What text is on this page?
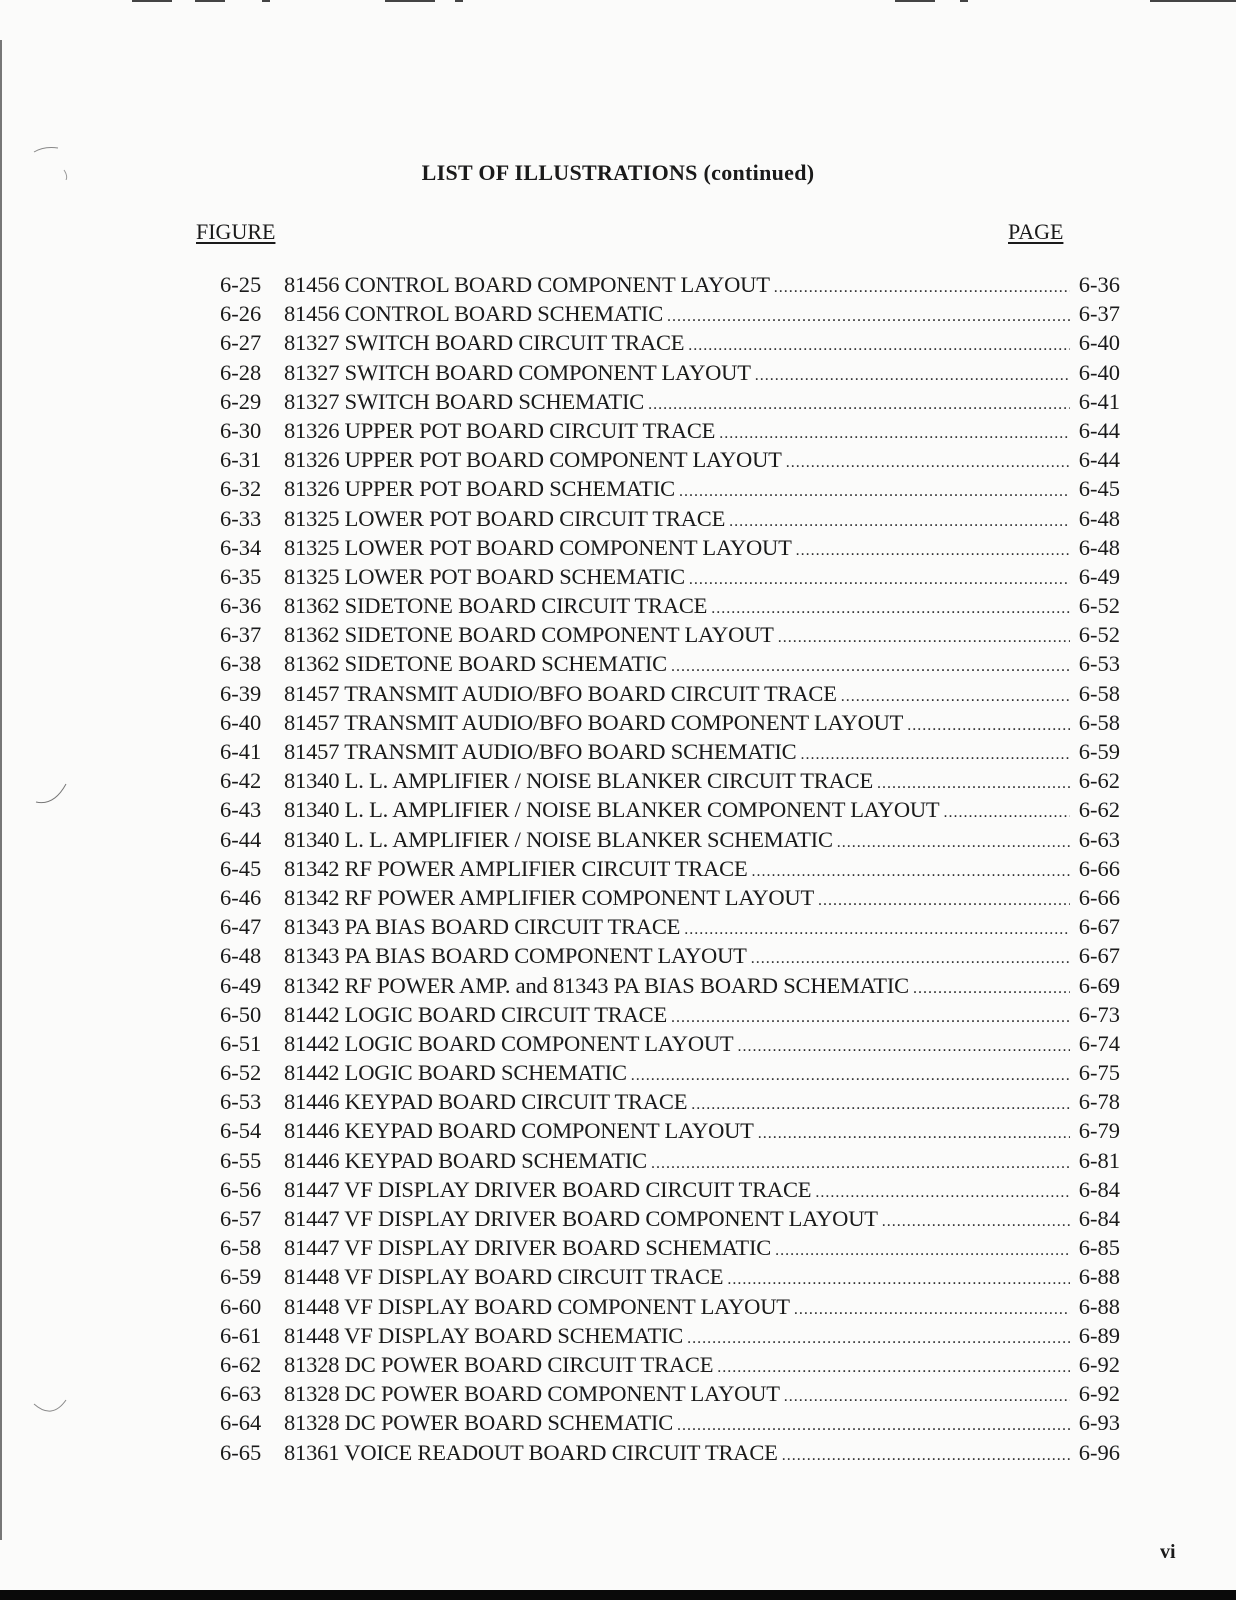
LIST OF ILLUSTRATIONS (continued)
FIGURE	PAGE
6-25	81456 CONTROL BOARD COMPONENT LAYOUT .....	6-36
6-26	81456 CONTROL BOARD SCHEMATIC .....	6-37
6-27	81327 SWITCH BOARD CIRCUIT TRACE .....	6-40
6-28	81327 SWITCH BOARD COMPONENT LAYOUT .....	6-40
6-29	81327 SWITCH BOARD SCHEMATIC .....	6-41
6-30	81326 UPPER POT BOARD CIRCUIT TRACE .....	6-44
6-31	81326 UPPER POT BOARD COMPONENT LAYOUT .....	6-44
6-32	81326 UPPER POT BOARD SCHEMATIC .....	6-45
6-33	81325 LOWER POT BOARD CIRCUIT TRACE .....	6-48
6-34	81325 LOWER POT BOARD COMPONENT LAYOUT .....	6-48
6-35	81325 LOWER POT BOARD SCHEMATIC .....	6-49
6-36	81362 SIDETONE BOARD CIRCUIT TRACE .....	6-52
6-37	81362 SIDETONE BOARD COMPONENT LAYOUT .....	6-52
6-38	81362 SIDETONE BOARD SCHEMATIC .....	6-53
6-39	81457 TRANSMIT AUDIO/BFO BOARD CIRCUIT TRACE .....	6-58
6-40	81457 TRANSMIT AUDIO/BFO BOARD COMPONENT LAYOUT .....	6-58
6-41	81457 TRANSMIT AUDIO/BFO BOARD SCHEMATIC .....	6-59
6-42	81340 L. L. AMPLIFIER / NOISE BLANKER CIRCUIT TRACE .....	6-62
6-43	81340 L. L. AMPLIFIER / NOISE BLANKER COMPONENT LAYOUT .....	6-62
6-44	81340 L. L. AMPLIFIER / NOISE BLANKER SCHEMATIC .....	6-63
6-45	81342 RF POWER AMPLIFIER CIRCUIT TRACE .....	6-66
6-46	81342 RF POWER AMPLIFIER COMPONENT LAYOUT .....	6-66
6-47	81343 PA BIAS BOARD CIRCUIT TRACE .....	6-67
6-48	81343 PA BIAS BOARD COMPONENT LAYOUT .....	6-67
6-49	81342 RF POWER AMP. and 81343 PA BIAS BOARD SCHEMATIC .....	6-69
6-50	81442 LOGIC BOARD CIRCUIT TRACE .....	6-73
6-51	81442 LOGIC BOARD COMPONENT LAYOUT .....	6-74
6-52	81442 LOGIC BOARD SCHEMATIC .....	6-75
6-53	81446 KEYPAD BOARD CIRCUIT TRACE .....	6-78
6-54	81446 KEYPAD BOARD COMPONENT LAYOUT .....	6-79
6-55	81446 KEYPAD BOARD SCHEMATIC .....	6-81
6-56	81447 VF DISPLAY DRIVER BOARD CIRCUIT TRACE .....	6-84
6-57	81447 VF DISPLAY DRIVER BOARD COMPONENT LAYOUT .....	6-84
6-58	81447 VF DISPLAY DRIVER BOARD SCHEMATIC .....	6-85
6-59	81448 VF DISPLAY BOARD CIRCUIT TRACE .....	6-88
6-60	81448 VF DISPLAY BOARD COMPONENT LAYOUT .....	6-88
6-61	81448 VF DISPLAY BOARD SCHEMATIC .....	6-89
6-62	81328 DC POWER BOARD CIRCUIT TRACE .....	6-92
6-63	81328 DC POWER BOARD COMPONENT LAYOUT .....	6-92
6-64	81328 DC POWER BOARD SCHEMATIC .....	6-93
6-65	81361 VOICE READOUT BOARD CIRCUIT TRACE .....	6-96
vi
